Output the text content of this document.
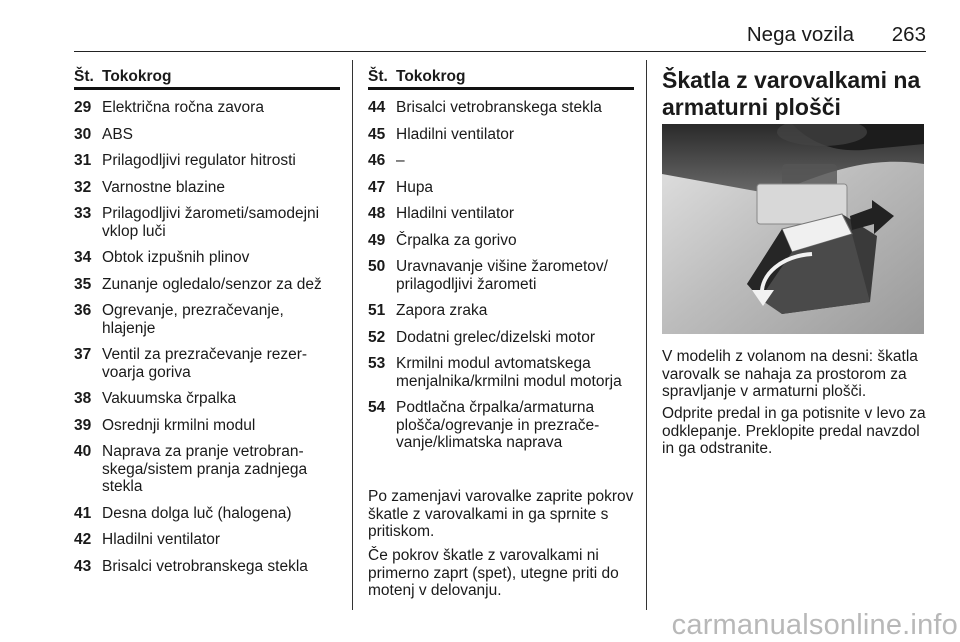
Nega vozila 263
Št. Tokokrog
29 Električna ročna zavora
30 ABS
31 Prilagodljivi regulator hitrosti
32 Varnostne blazine
33 Prilagodljivi žarometi/samodejni vklop luči
34 Obtok izpušnih plinov
35 Zunanje ogledalo/senzor za dež
36 Ogrevanje, prezračevanje, hlajenje
37 Ventil za prezračevanje rezer-voarja goriva
38 Vakuumska črpalka
39 Osrednji krmilni modul
40 Naprava za pranje vetrobran-skega/sistem pranja zadnjega stekla
41 Desna dolga luč (halogena)
42 Hladilni ventilator
43 Brisalci vetrobranskega stekla
Št. Tokokrog
44 Brisalci vetrobranskega stekla
45 Hladilni ventilator
46 –
47 Hupa
48 Hladilni ventilator
49 Črpalka za gorivo
50 Uravnavanje višine žarometov/ prilagodljivi žarometi
51 Zapora zraka
52 Dodatni grelec/dizelski motor
53 Krmilni modul avtomatskega menjalnika/krmilni modul motorja
54 Podtlačna črpalka/armaturna plošča/ogrevanje in prezrače-vanje/klimatska naprava

Po zamenjavi varovalke zaprite pokrov škatle z varovalkami in ga sprnite s pritiskom.

Če pokrov škatle z varovalkami ni primerno zaprt (spet), utegne priti do motenj v delovanju.

Škatla z varovalkami na armaturni plošči

V modelih z volanom na desni: škatla varovalk se nahaja za prostorom za spravljanje v armaturni plošči.

Odprite predal in ga potisnite v levo za odklepanje. Preklopite predal navzdol in ga odstranite.

carmanualsonline.info
